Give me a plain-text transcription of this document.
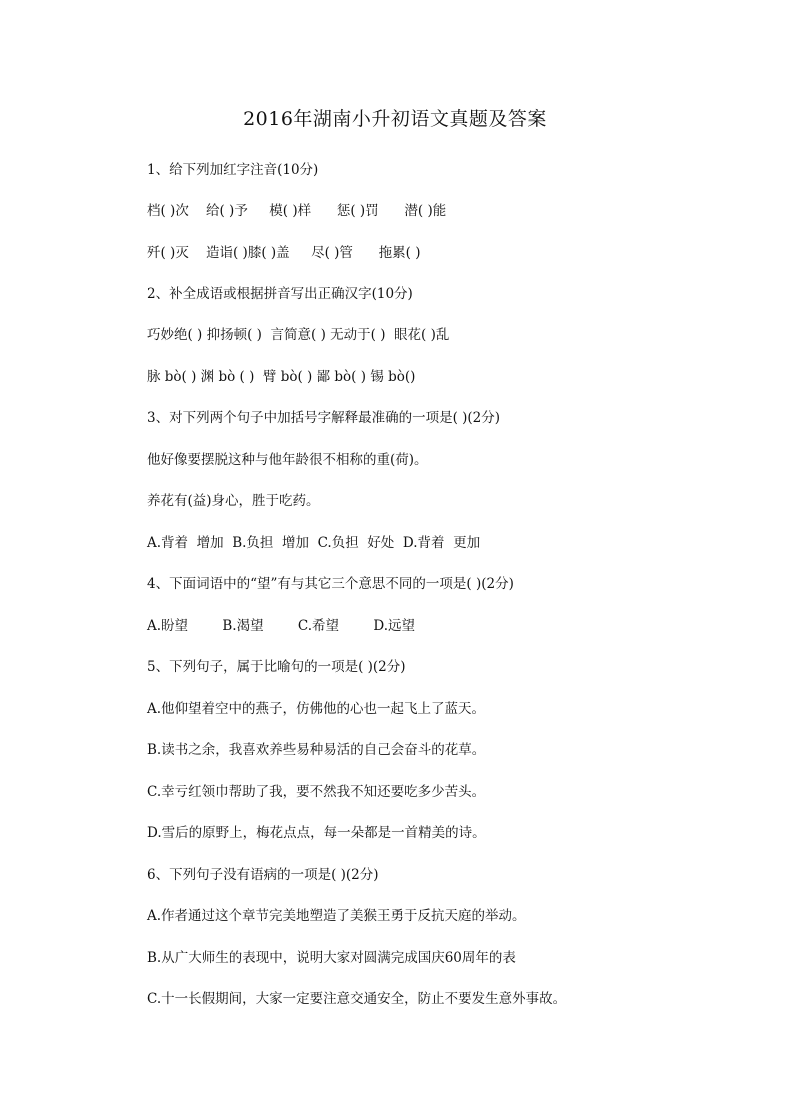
2016年湖南小升初语文真题及答案
1、给下列加红字注音(10分)
档( )次    给( )予     模( )样      惩( )罚      潜( )能
歼( )灭    造诣( )膝( )盖     尽( )管      拖累( )
2、补全成语或根据拼音写出正确汉字(10分)
巧妙绝( ) 抑扬顿( )  言简意( ) 无动于( )  眼花( )乱
脉 bò( ) 渊 bò ( )  臂 bò( ) 鄙 bò( ) 锡 bò()
3、对下列两个句子中加括号字解释最准确的一项是( )(2分)
他好像要摆脱这种与他年龄很不相称的重(荷)。
养花有(益)身心，胜于吃药。
A.背着  增加  B.负担  增加  C.负担  好处  D.背着  更加
4、下面词语中的“望”有与其它三个意思不同的一项是( )(2分)
A.盼望        B.渴望        C.希望        D.远望
5、下列句子，属于比喻句的一项是( )(2分)
A.他仰望着空中的燕子，仿佛他的心也一起飞上了蓝天。
B.读书之余，我喜欢养些易种易活的自己会奋斗的花草。
C.幸亏红领巾帮助了我，要不然我不知还要吃多少苦头。
D.雪后的原野上，梅花点点，每一朵都是一首精美的诗。
6、下列句子没有语病的一项是( )(2分)
A.作者通过这个章节完美地塑造了美猴王勇于反抗天庭的举动。
B.从广大师生的表现中，说明大家对圆满完成国庆60周年的表
C.十一长假期间，大家一定要注意交通安全，防止不要发生意外事故。
